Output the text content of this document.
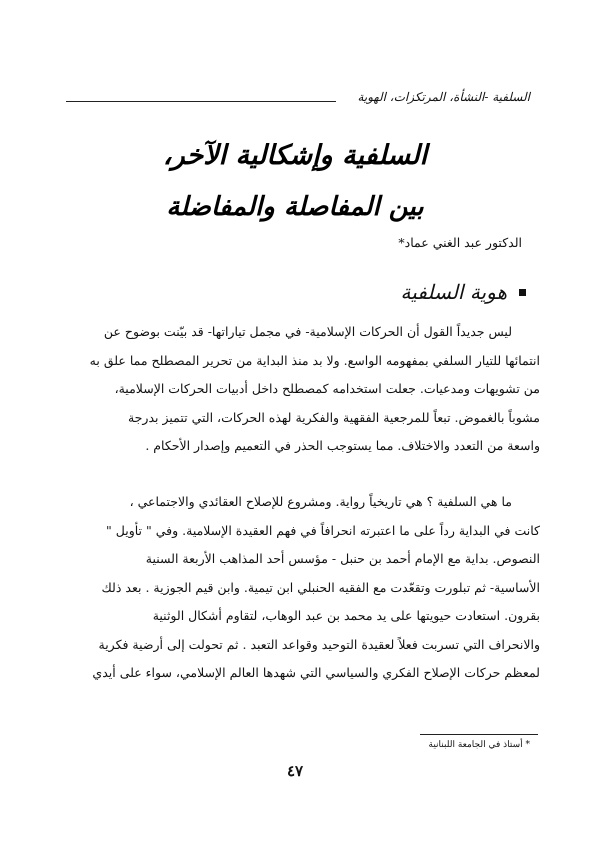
السلفية -النشأة، المرتكزات، الهوية
السلفية وإشكالية الآخر،
بين المفاصلة والمفاضلة
الدكتور عبد الغني عماد*
هوية السلفية

ليس جديداً القول أن الحركات الإسلامية- في مجمل تياراتها- قد بيّنت بوضوح عن

انتمائها للتيار السلفي بمفهومه الواسع. ولا بد منذ البداية من تحرير المصطلح مما علق به

من تشويهات ومدعيات. جعلت استخدامه كمصطلح داخل أدبيات الحركات الإسلامية،

مشوباً بالغموض. تبعاً للمرجعية الفقهية والفكرية لهذه الحركات، التي تتميز بدرجة

واسعة من التعدد والاختلاف. مما يستوجب الحذر في التعميم وإصدار الأحكام .

ما هي السلفية ؟ هي تاريخياً رواية. ومشروع للإصلاح العقائدي والاجتماعي ،

كانت في البداية رداً على ما اعتبرته انحرافاً في فهم العقيدة الإسلامية. وفي " تأويل "

النصوص. بداية مع الإمام أحمد بن حنبل - مؤسس أحد المذاهب الأربعة السنية

الأساسية- ثم تبلورت وتقعّدت مع الفقيه الحنبلي ابن تيمية. وابن قيم الجوزية . بعد ذلك

بقرون. استعادت حيويتها على يد محمد بن عبد الوهاب، لتقاوم أشكال الوثنية

والانحراف التي تسربت فعلاً لعقيدة التوحيد وقواعد التعبد . ثم تحولت إلى أرضية فكرية

لمعظم حركات الإصلاح الفكري والسياسي التي شهدها العالم الإسلامي، سواء على أيدي

* أستاذ في الجامعة اللبنانية
٤٧
